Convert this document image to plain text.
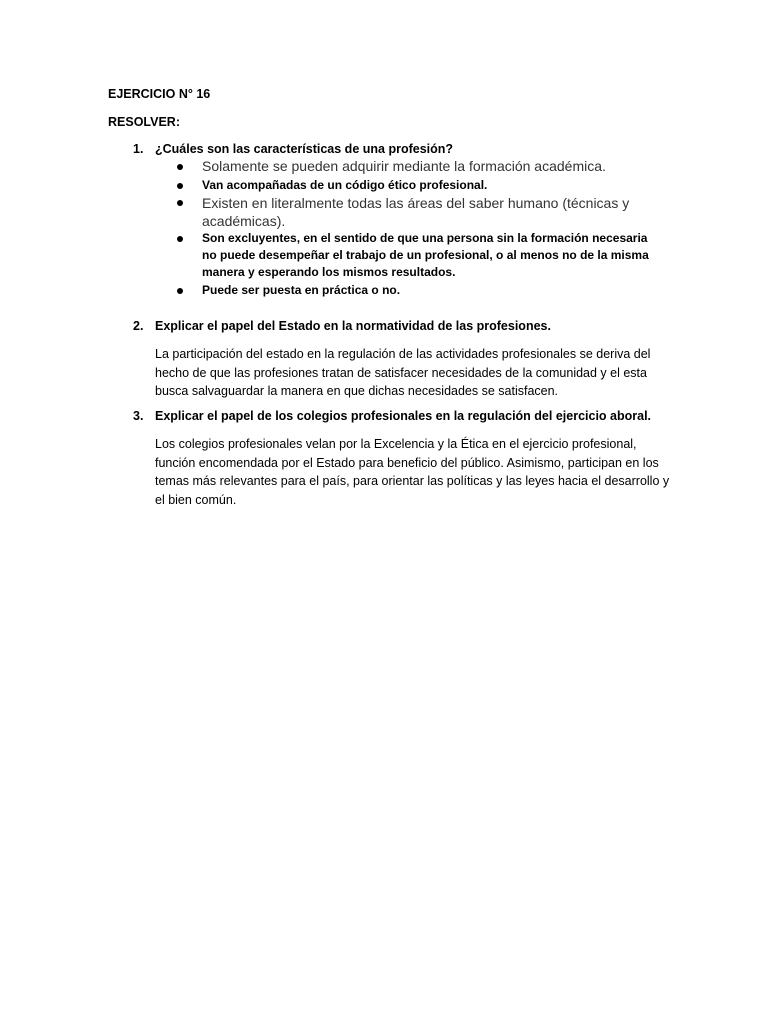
EJERCICIO N° 16
RESOLVER:
1. ¿Cuáles son las características de una profesión?
Solamente se pueden adquirir mediante la formación académica.
Van acompañadas de un código ético profesional.
Existen en literalmente todas las áreas del saber humano (técnicas y académicas).
Son excluyentes, en el sentido de que una persona sin la formación necesaria no puede desempeñar el trabajo de un profesional, o al menos no de la misma manera y esperando los mismos resultados.
Puede ser puesta en práctica o no.
2. Explicar el papel del Estado en la normatividad de las profesiones.
La participación del estado en la regulación de las actividades profesionales se deriva del hecho de que las profesiones tratan de satisfacer necesidades de la comunidad y el esta busca salvaguardar la manera en que dichas necesidades se satisfacen.
3. Explicar el papel de los colegios profesionales en la regulación del ejercicio aboral.
Los colegios profesionales velan por la Excelencia y la Ética en el ejercicio profesional, función encomendada por el Estado para beneficio del público. Asimismo, participan en los temas más relevantes para el país, para orientar las políticas y las leyes hacia el desarrollo y el bien común.
